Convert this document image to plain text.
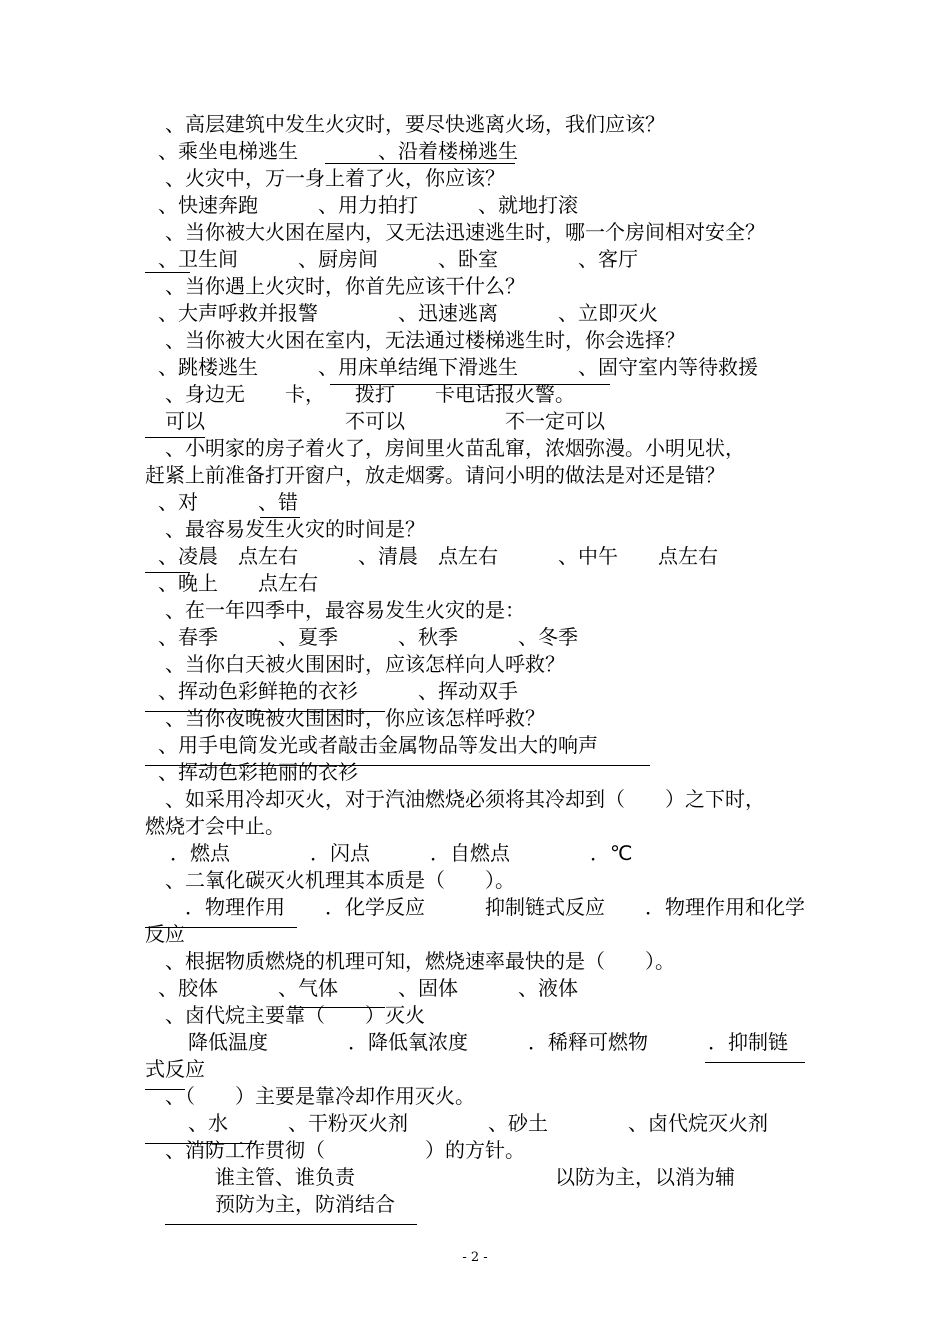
、高层建筑中发生火灾时，要尽快逃离火场，我们应该？
、乘坐电梯逃生　　　　、沿着楼梯逃生
、火灾中，万一身上着了火，你应该？
、快速奔跑　　　、用力拍打　　　、就地打滚
、当你被大火困在屋内，又无法迅速逃生时，哪一个房间相对安全？
、卫生间　　　、厨房间　　　、卧室　　　　、客厅
、当你遇上火灾时，你首先应该干什么？
、大声呼救并报警　　　　、迅速逃离　　　、立即灭火
、当你被大火困在室内，无法通过楼梯逃生时，你会选择？
、跳楼逃生　　　、用床单结绳下滑逃生　　　、固守室内等待救援
、身边无　　卡，　　拨打　　卡电话报火警。
可以　　　　　　　不可以　　　　　不一定可以
、小明家的房子着火了，房间里火苗乱窜，浓烟弥漫。小明见状，
赶紧上前准备打开窗户，放走烟雾。请问小明的做法是对还是错？
、对　　　、错
、最容易发生火灾的时间是？
、凌晨　点左右　　　、清晨　点左右　　　、中午　　点左右
、晚上　　点左右
、在一年四季中，最容易发生火灾的是：
、春季　　　、夏季　　　、秋季　　　、冬季
、当你白天被火围困时，应该怎样向人呼救？
、挥动色彩鲜艳的衣衫　　　、挥动双手
、当你夜晚被火围困时，你应该怎样呼救？
、用手电筒发光或者敲击金属物品等发出大的响声
、挥动色彩艳丽的衣衫
、如采用冷却灭火，对于汽油燃烧必须将其冷却到（　　）之下时，
燃烧才会中止。
．燃点　　　　．闪点　　　．自燃点　　　　．℃
、二氧化碳灭火机理其本质是（　　）。
．物理作用　　．化学反应　　　抑制链式反应　　．物理作用和化学
反应
、根据物质燃烧的机理可知，燃烧速率最快的是（　　）。
、胶体　　　、气体　　　、固体　　　、液体
、卤代烷主要靠（　　）灭火
降低温度　　　　．降低氧浓度　　　．稀释可燃物　　　．抑制链
式反应
、（　　）主要是靠冷却作用灭火。
、水　　　、干粉灭火剂　　　　、砂土　　　　、卤代烷灭火剂
、消防工作贯彻（　　　　　）的方针。
谁主管、谁负责　　　　　　　　　　以防为主，以消为辅
预防为主，防消结合
- 2 -
